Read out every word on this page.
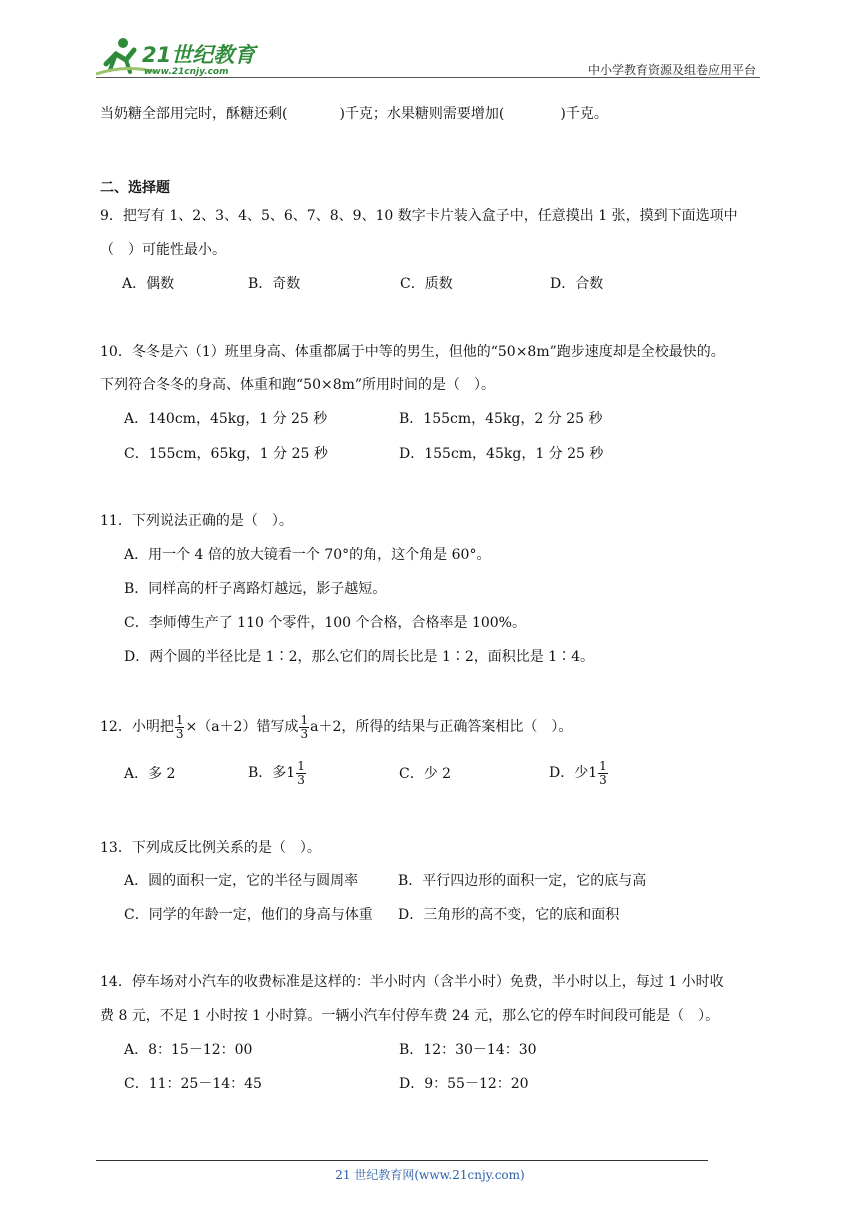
21世纪教育
www.21cnjy.com	中小学教育资源及组卷应用平台
当奶糖全部用完时，酥糖还剩(	)千克；水果糖则需要增加(	)千克。
二、选择题
9．把写有 1、2、3、4、5、6、7、8、9、10 数字卡片装入盒子中，任意摸出 1 张，摸到下面选项中
（　）可能性最小。
A．偶数	B．奇数	C．质数	D．合数
10．冬冬是六（1）班里身高、体重都属于中等的男生，但他的“50×8m”跑步速度却是全校最快的。
下列符合冬冬的身高、体重和跑“50×8m”所用时间的是（　）。
A．140cm，45kg，1 分 25 秒	B．155cm，45kg，2 分 25 秒
C．155cm，65kg，1 分 25 秒	D．155cm，45kg，1 分 25 秒
11．下列说法正确的是（　）。
A．用一个 4 倍的放大镜看一个 70°的角，这个角是 60°。
B．同样高的杆子离路灯越远，影子越短。
C．李师傅生产了 110 个零件，100 个合格，合格率是 100%。
D．两个圆的半径比是 1∶2，那么它们的周长比是 1∶2，面积比是 1∶4。
12．小明把 $\frac{1}{3} \times(a+2)$错写成 $\frac{1}{3} a+2$，所得的结果与正确答案相比（　）。
A．多 2	B．多$1 \frac{1}{3}$	C．少 2	D．少$1 \frac{1}{3}$
13．下列成反比例关系的是（　）。
A．圆的面积一定，它的半径与圆周率	B．平行四边形的面积一定，它的底与高
C．同学的年龄一定，他们的身高与体重 D．三角形的高不变，它的底和面积
14．停车场对小汽车的收费标准是这样的：半小时内（含半小时）免费，半小时以上，每过 1 小时收
费 8 元，不足 1 小时按 1 小时算。一辆小汽车付停车费 24 元，那么它的停车时间段可能是（　）。
A．8：15－12：00	B．12：30－14：30
C．11：25－14：45	D．9：55－12：20
21 世纪教育网(www.21cnjy.com)
